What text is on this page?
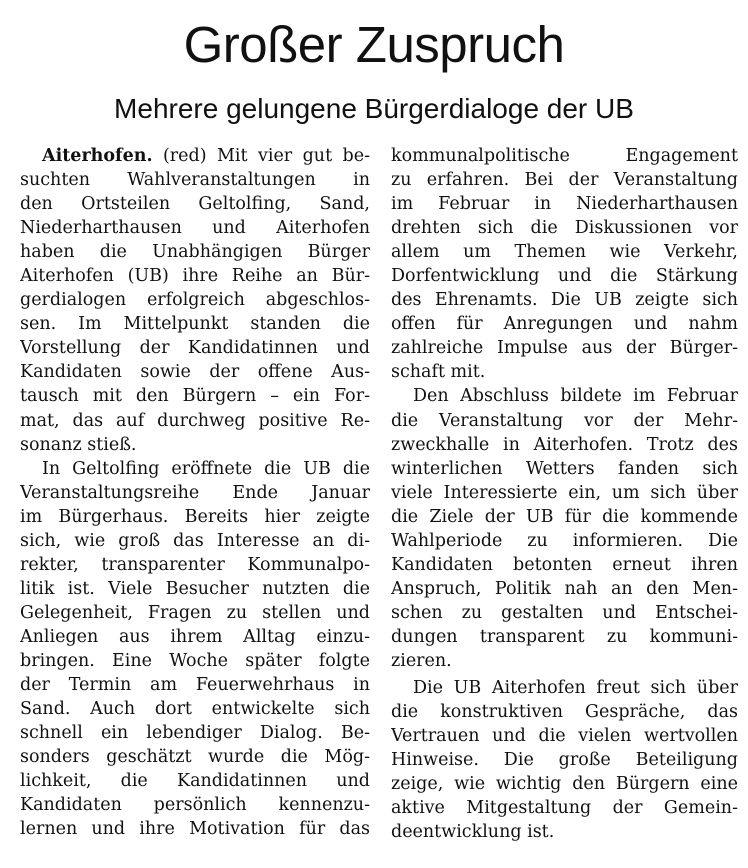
Großer Zuspruch
Mehrere gelungene Bürgerdialoge der UB
Aiterhofen. (red) Mit vier gut be-
suchten Wahlveranstaltungen in
den Ortsteilen Geltolfing, Sand,
Niederharthausen und Aiterhofen
haben die Unabhängigen Bürger
Aiterhofen (UB) ihre Reihe an Bür-
gerdialogen erfolgreich abgeschlos-
sen. Im Mittelpunkt standen die
Vorstellung der Kandidatinnen und
Kandidaten sowie der offene Aus-
tausch mit den Bürgern – ein For-
mat, das auf durchweg positive Re-
sonanz stieß.
In Geltolfing eröffnete die UB die
Veranstaltungsreihe Ende Januar
im Bürgerhaus. Bereits hier zeigte
sich, wie groß das Interesse an di-
rekter, transparenter Kommunalpo-
litik ist. Viele Besucher nutzten die
Gelegenheit, Fragen zu stellen und
Anliegen aus ihrem Alltag einzu-
bringen. Eine Woche später folgte
der Termin am Feuerwehrhaus in
Sand. Auch dort entwickelte sich
schnell ein lebendiger Dialog. Be-
sonders geschätzt wurde die Mög-
lichkeit, die Kandidatinnen und
Kandidaten persönlich kennenzu-
lernen und ihre Motivation für das
kommunalpolitische Engagement
zu erfahren. Bei der Veranstaltung
im Februar in Niederharthausen
drehten sich die Diskussionen vor
allem um Themen wie Verkehr,
Dorfentwicklung und die Stärkung
des Ehrenamts. Die UB zeigte sich
offen für Anregungen und nahm
zahlreiche Impulse aus der Bürger-
schaft mit.
Den Abschluss bildete im Februar
die Veranstaltung vor der Mehr-
zweckhalle in Aiterhofen. Trotz des
winterlichen Wetters fanden sich
viele Interessierte ein, um sich über
die Ziele der UB für die kommende
Wahlperiode zu informieren. Die
Kandidaten betonten erneut ihren
Anspruch, Politik nah an den Men-
schen zu gestalten und Entschei-
dungen transparent zu kommuni-
zieren.
Die UB Aiterhofen freut sich über
die konstruktiven Gespräche, das
Vertrauen und die vielen wertvollen
Hinweise. Die große Beteiligung
zeige, wie wichtig den Bürgern eine
aktive Mitgestaltung der Gemein-
deentwicklung ist.
